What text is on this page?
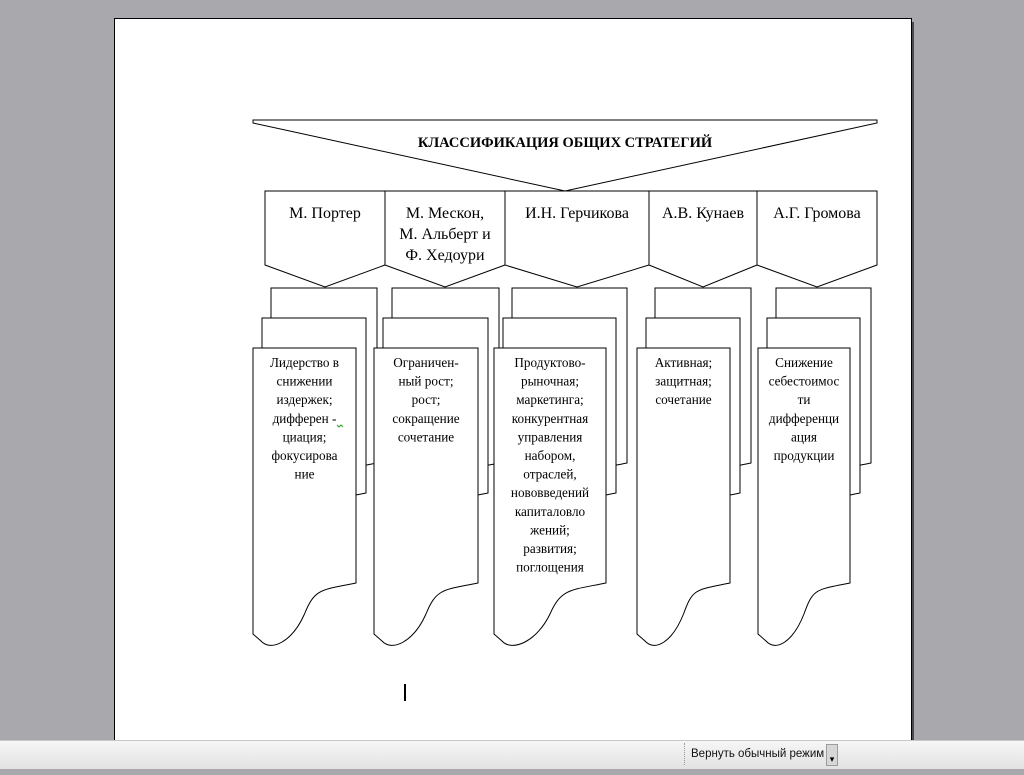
КЛАССИФИКАЦИЯ ОБЩИХ СТРАТЕГИЙ
М. Портер	М. Мескон, М. Альберт и Ф. Хедоури
И.Н. Герчикова А.В. Кунаев А.Г. Громова
Лидерство в снижении издержек; дифферен -циация; фокусирова ние
Ограничен-ный рост; рост; сокращение сочетание
Продуктово-рыночная; маркетинга; конкурентная управления набором, отраслей, нововведений капиталовло жений; развития; поглощения
Активная; защитная; сочетание
Снижение себестоимос ти дифференци ация продукции
Вернуть обычный режим ▾
